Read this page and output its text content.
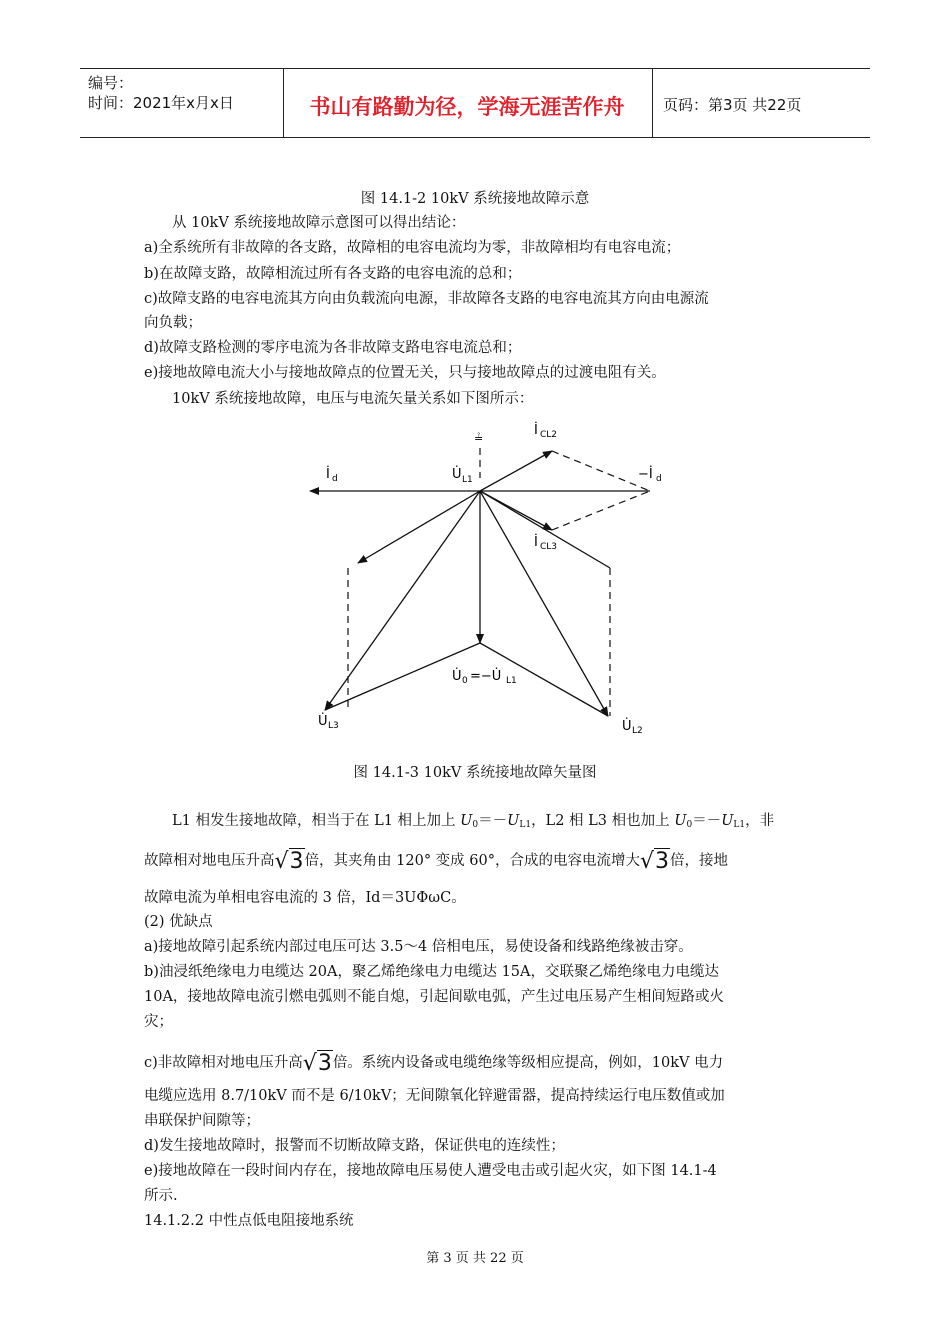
编号：
时间：2021年x月x日	书山有路勤为径，学海无涯苦作舟	页码：第3页 共22页
图 14.1-2 10kV 系统接地故障示意
从 10kV 系统接地故障示意图可以得出结论：
a)全系统所有非故障的各支路，故障相的电容电流均为零，非故障相均有电容电流；
b)在故障支路，故障相流过所有各支路的电容电流的总和；
c)故障支路的电容电流其方向由负载流向电源，非故障各支路的电容电流其方向由电源流
向负载；
d)故障支路检测的零序电流为各非故障支路电容电流总和；
e)接地故障电流大小与接地故障点的位置无关，只与接地故障点的过渡电阻有关。
10kV 系统接地故障，电压与电流矢量关系如下图所示：
≟
İ CL2
İ d	−İ d
U̇ L1
İ CL3
U̇ 0 =−U̇ L1
U̇ L3	U̇ L2
图 14.1-3 10kV 系统接地故障矢量图
L1 相发生接地故障，相当于在 L1 相上加上 $U_0=-U_{L1}$，L2 相 L3 相也加上 $U_0=-U_{L1}$，非
故障相对地电压升高√3倍，其夹角由 120° 变成 60°，合成的电容电流增大√3倍，接地
故障电流为单相电容电流的 3 倍，Id＝3UΦωC。
(2) 优缺点
a)接地故障引起系统内部过电压可达 3.5～4 倍相电压，易使设备和线路绝缘被击穿。
b)油浸纸绝缘电力电缆达 20A，聚乙烯绝缘电力电缆达 15A，交联聚乙烯绝缘电力电缆达
10A，接地故障电流引燃电弧则不能自熄，引起间歇电弧，产生过电压易产生相间短路或火
灾；
c)非故障相对地电压升高√3倍。系统内设备或电缆绝缘等级相应提高，例如，10kV 电力
电缆应选用 8.7/10kV 而不是 6/10kV；无间隙氧化锌避雷器，提高持续运行电压数值或加
串联保护间隙等；
d)发生接地故障时，报警而不切断故障支路，保证供电的连续性；
e)接地故障在一段时间内存在，接地故障电压易使人遭受电击或引起火灾，如下图 14.1-4
所示.
14.1.2.2 中性点低电阻接地系统
第 3 页 共 22 页
